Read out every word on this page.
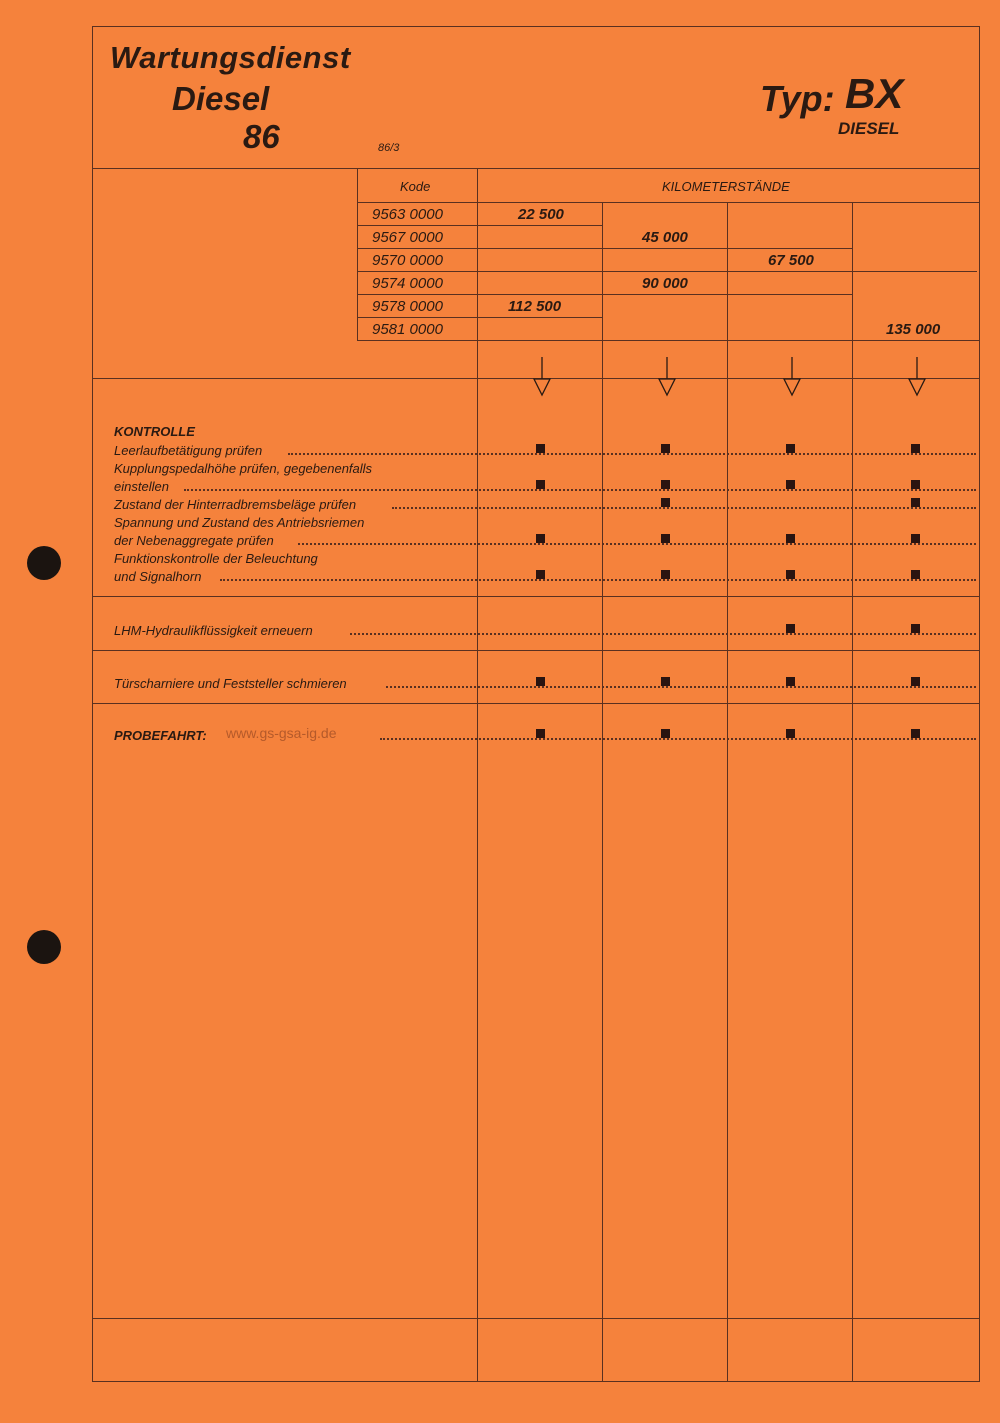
Wartungsdienst
Diesel
86	86/3
Typ: BX
DIESEL
Kode	KILOMETERSTÄNDE
9563 0000
9567 0000
9570 0000
9574 0000
9578 0000
9581 0000
22 500
45 000
67 500
90 000
112 500
135 000
KONTROLLE
Leerlaufbetätigung prüfen
Kupplungspedalhöhe prüfen, gegebenenfalls
einstellen
Zustand der Hinterradbremsbeläge prüfen
Spannung und Zustand des Antriebsriemen
der Nebenaggregate prüfen
Funktionskontrolle der Beleuchtung
und Signalhorn
LHM-Hydraulikflüssigkeit erneuern
Türscharniere und Feststeller schmieren
PROBEFAHRT: www.gs-gsa-ig.de
